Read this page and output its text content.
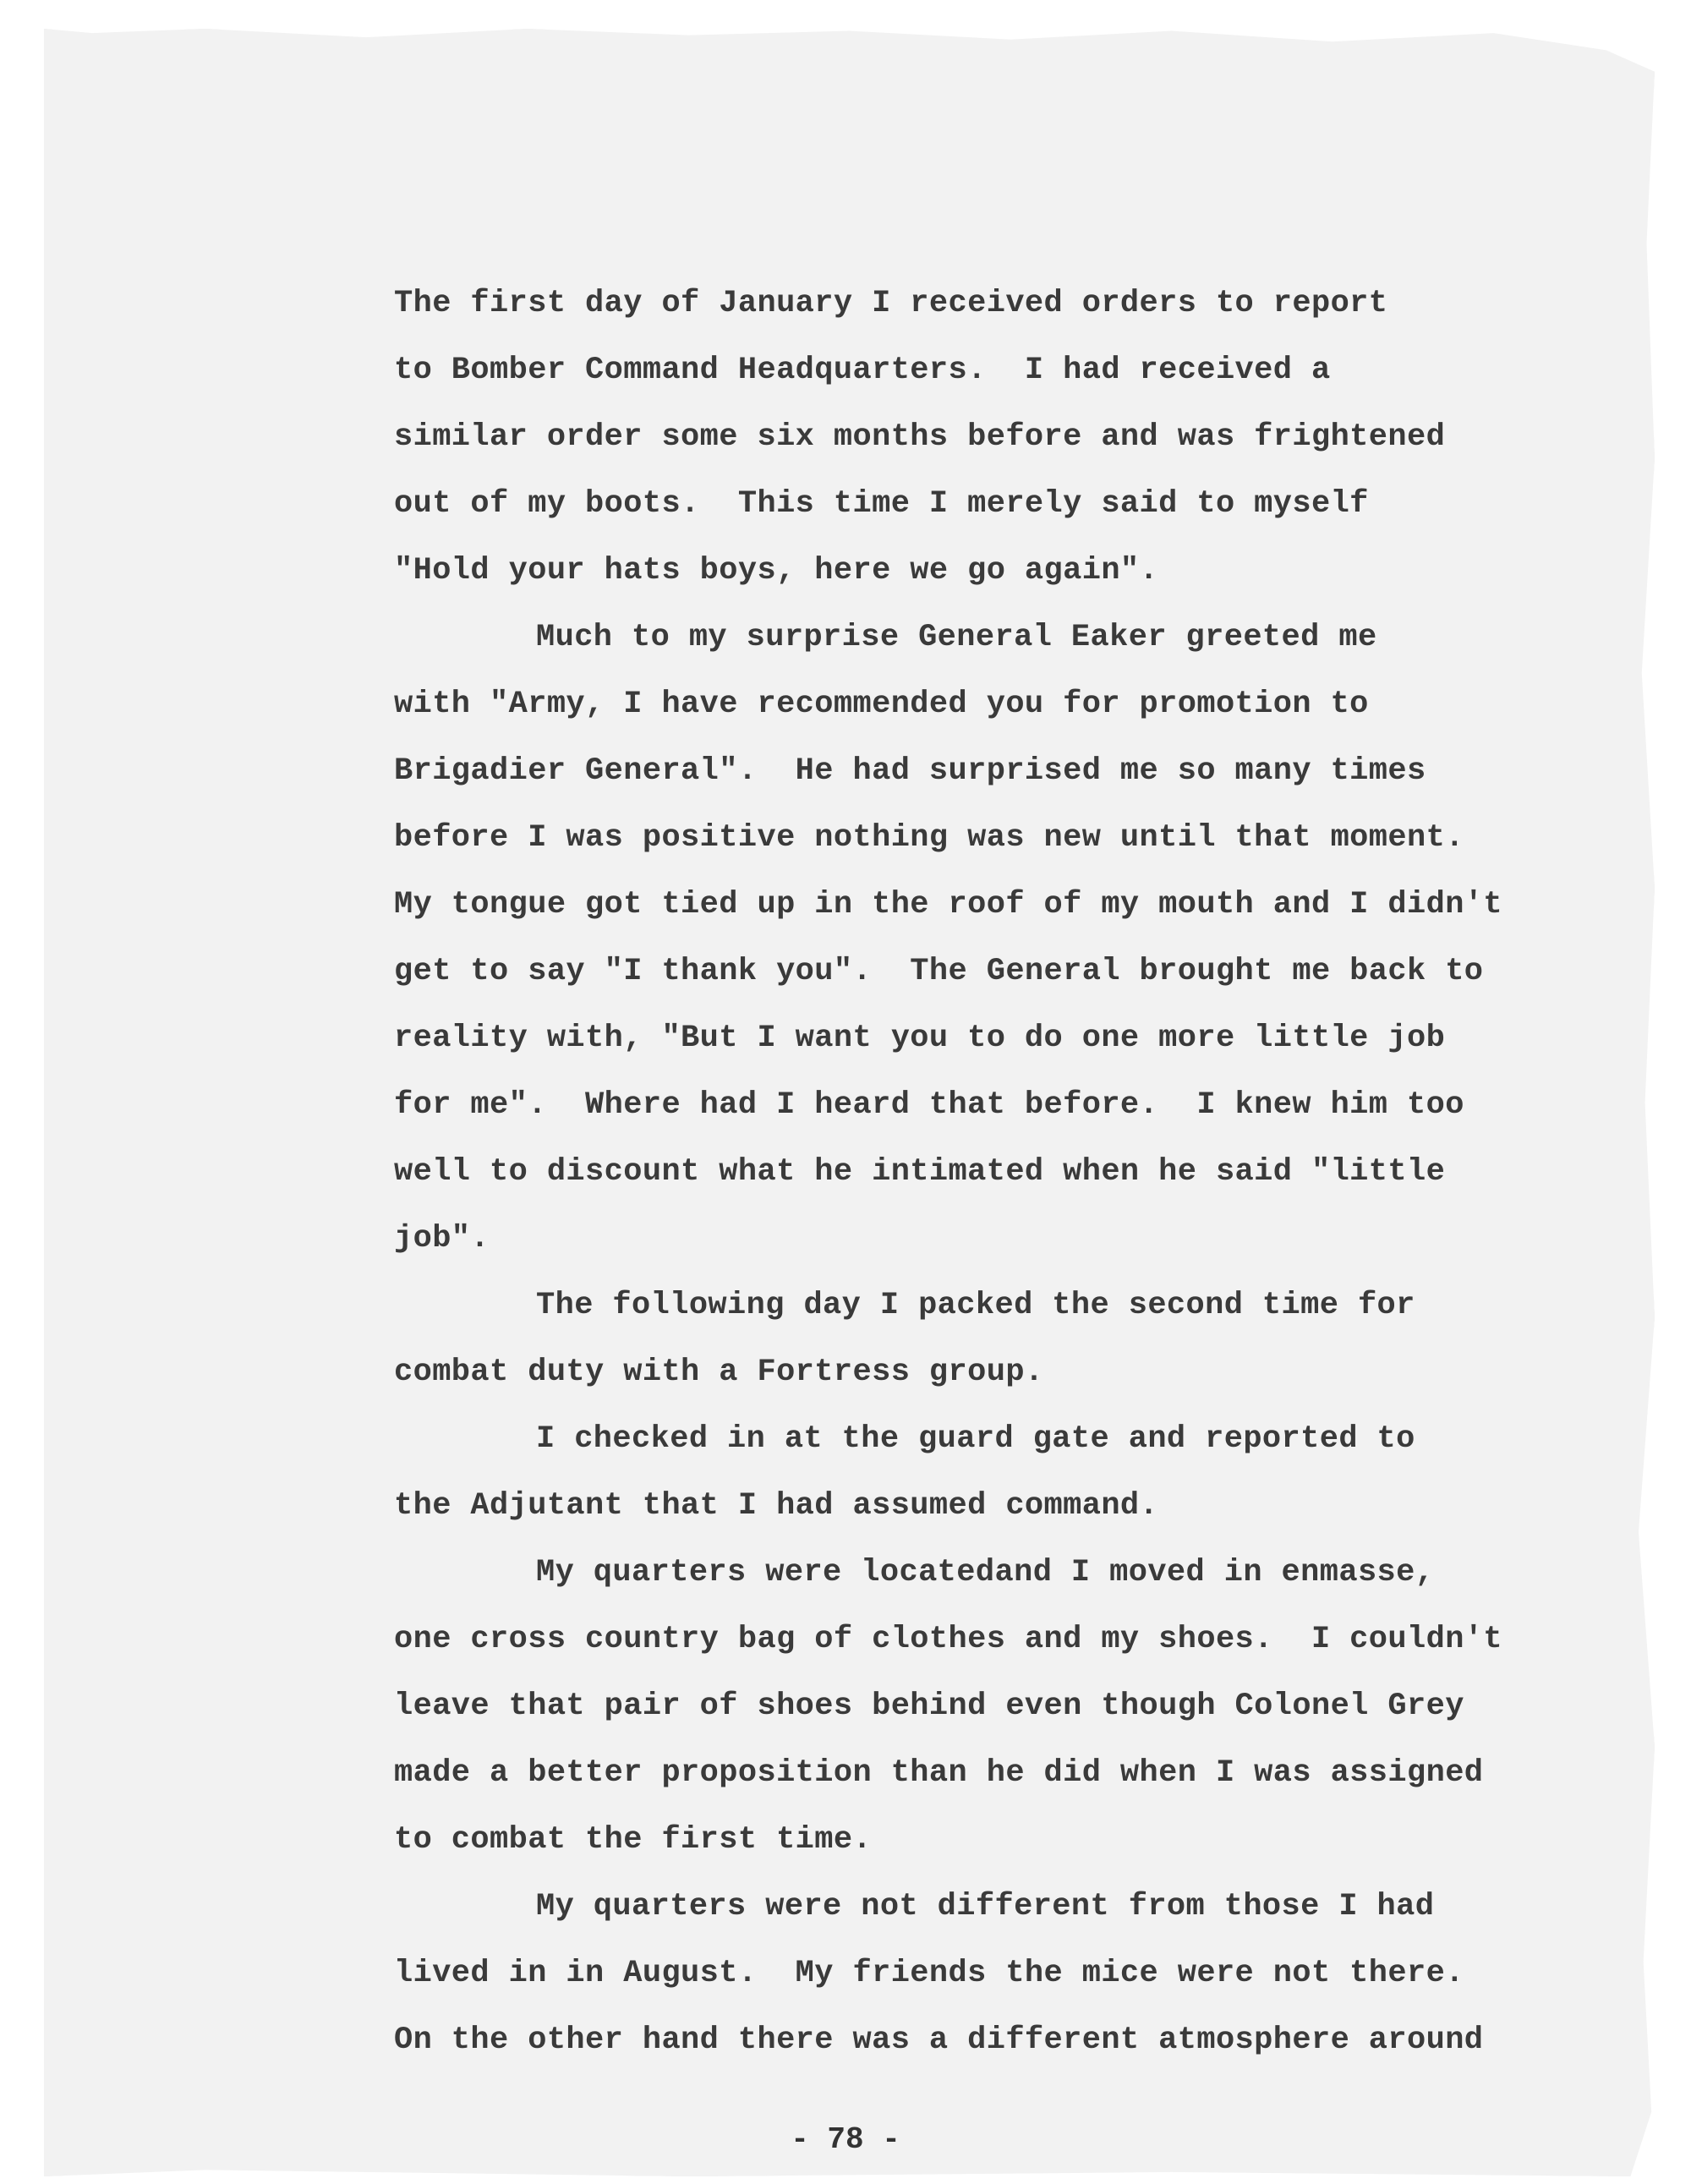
The first day of January I received orders to report
to Bomber Command Headquarters.  I had received a
similar order some six months before and was frightened
out of my boots.  This time I merely said to myself
"Hold your hats boys, here we go again".
Much to my surprise General Eaker greeted me
with "Army, I have recommended you for promotion to
Brigadier General".  He had surprised me so many times
before I was positive nothing was new until that moment.
My tongue got tied up in the roof of my mouth and I didn't
get to say "I thank you".  The General brought me back to
reality with, "But I want you to do one more little job
for me".  Where had I heard that before.  I knew him too
well to discount what he intimated when he said "little
job".
The following day I packed the second time for
combat duty with a Fortress group.
I checked in at the guard gate and reported to
the Adjutant that I had assumed command.
My quarters were locatedand I moved in enmasse,
one cross country bag of clothes and my shoes.  I couldn't
leave that pair of shoes behind even though Colonel Grey
made a better proposition than he did when I was assigned
to combat the first time.
My quarters were not different from those I had
lived in in August.  My friends the mice were not there.
On the other hand there was a different atmosphere around
- 78 -
